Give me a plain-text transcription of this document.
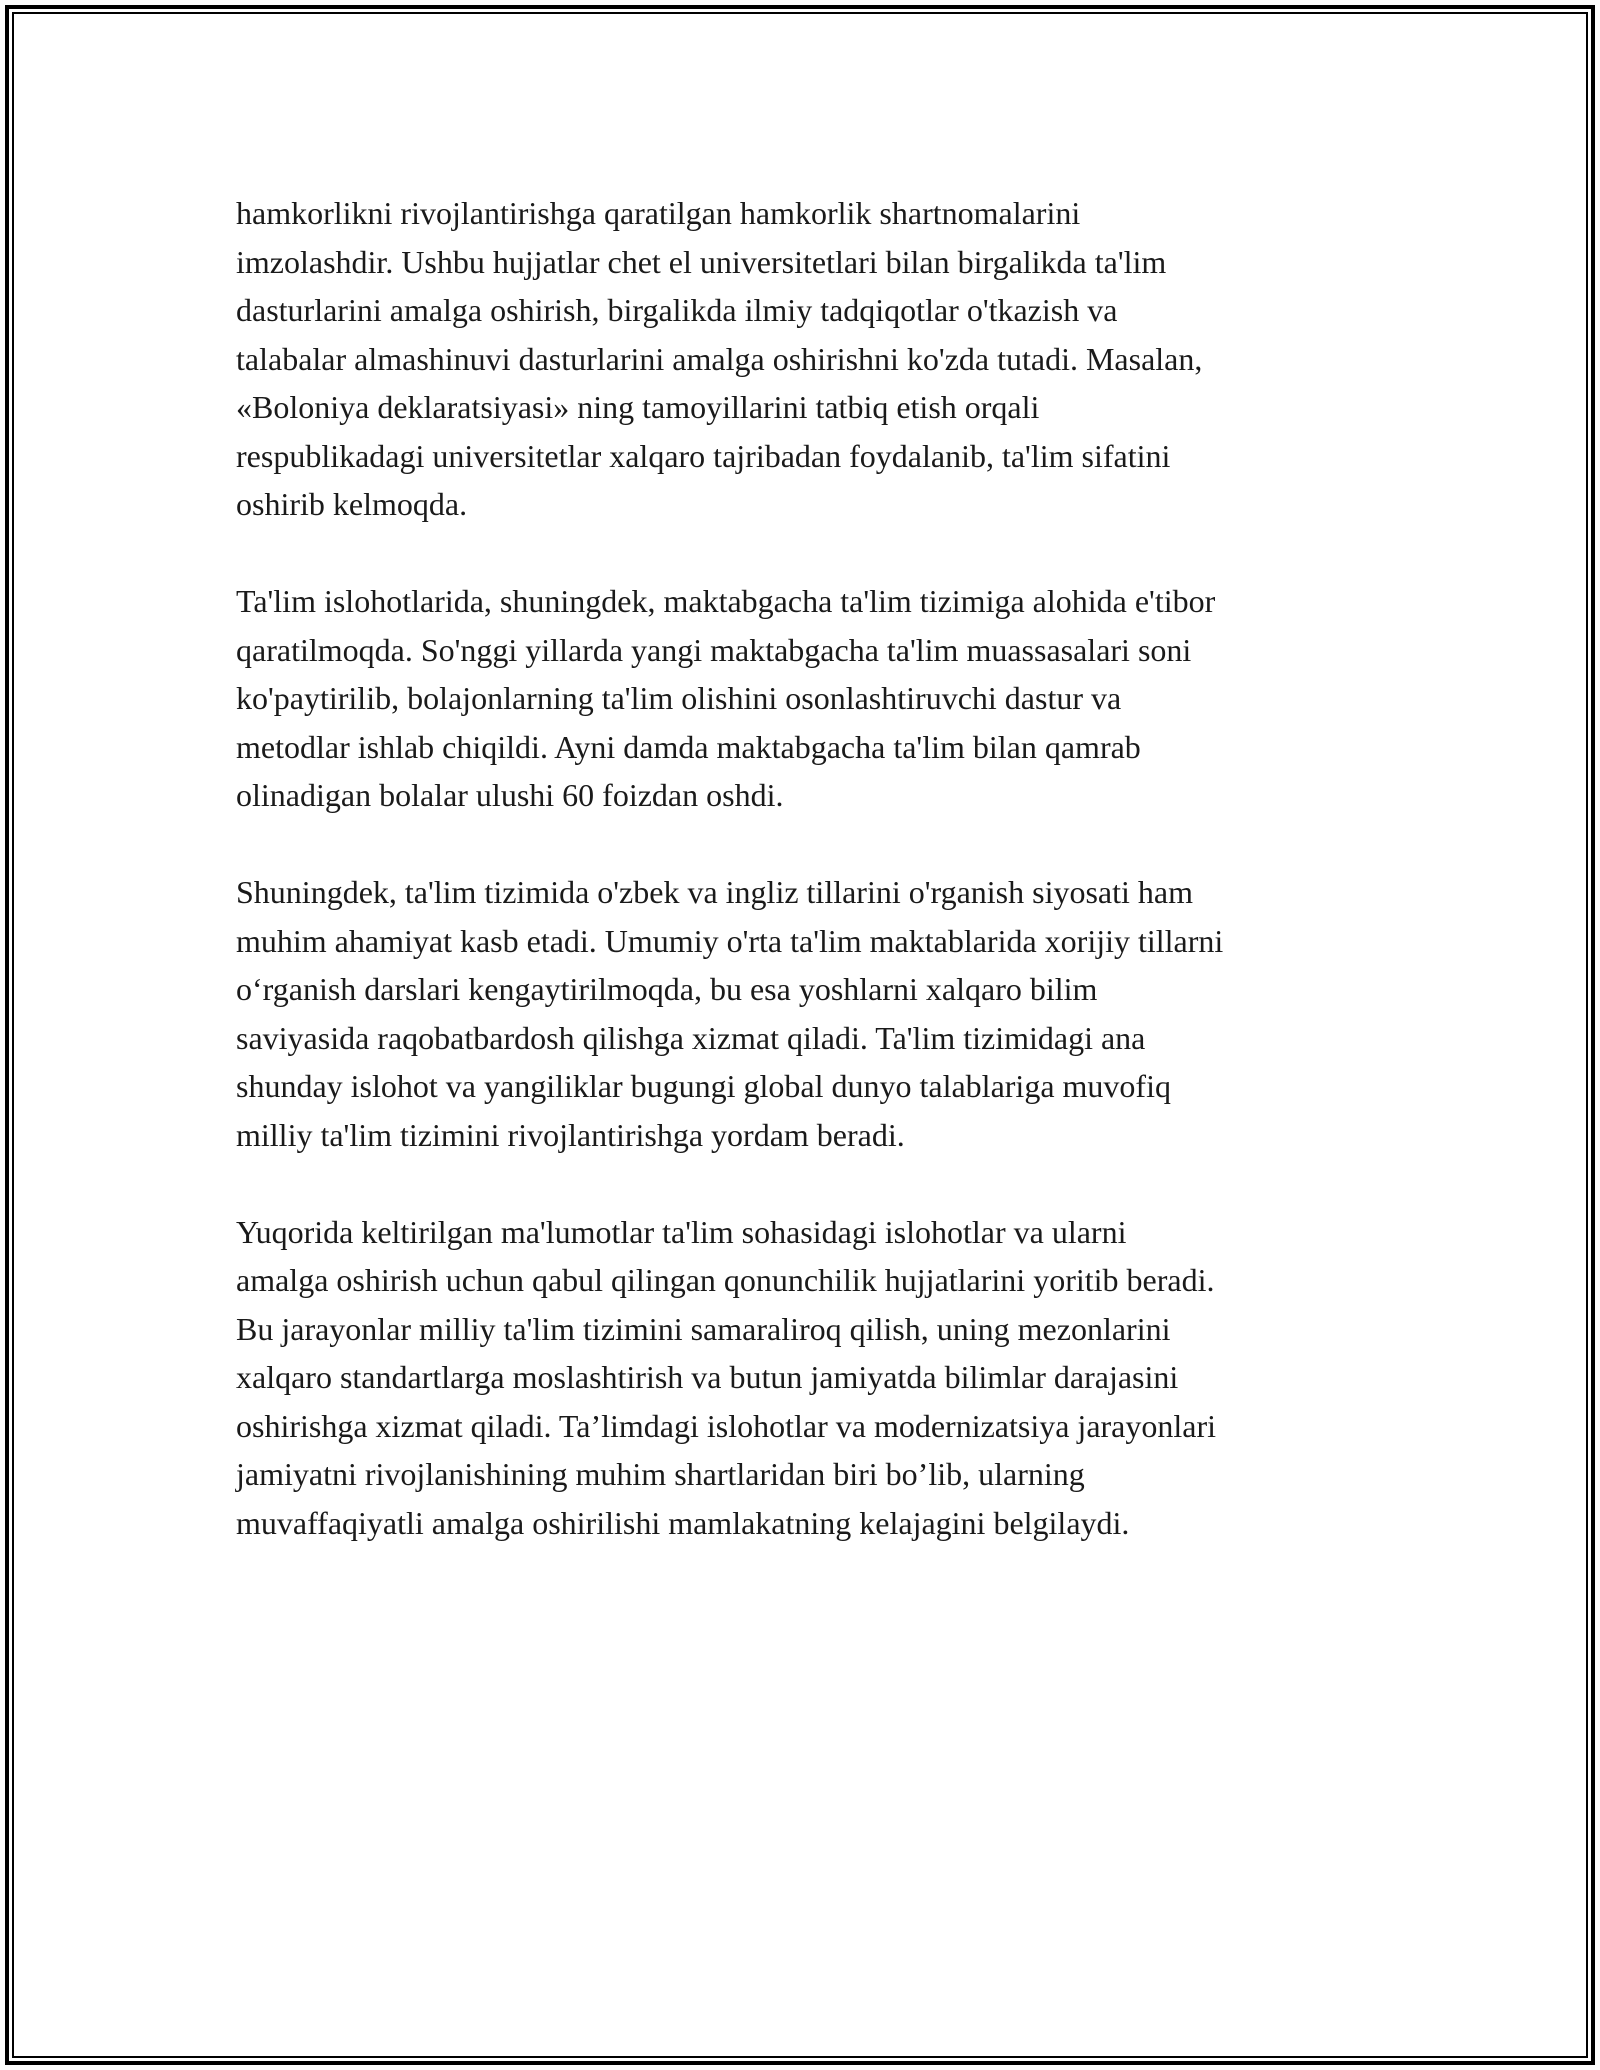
hamkorlikni rivojlantirishga qaratilgan hamkorlik shartnomalarini
imzolashdir. Ushbu hujjatlar chet el universitetlari bilan birgalikda ta'lim
dasturlarini amalga oshirish, birgalikda ilmiy tadqiqotlar o'tkazish va
talabalar almashinuvi dasturlarini amalga oshirishni ko'zda tutadi. Masalan,
«Boloniya deklaratsiyasi» ning tamoyillarini tatbiq etish orqali
respublikadagi universitetlar xalqaro tajribadan foydalanib, ta'lim sifatini
oshirib kelmoqda.

Ta'lim islohotlarida, shuningdek, maktabgacha ta'lim tizimiga alohida e'tibor
qaratilmoqda. So'nggi yillarda yangi maktabgacha ta'lim muassasalari soni
ko'paytirilib, bolajonlarning ta'lim olishini osonlashtiruvchi dastur va
metodlar ishlab chiqildi. Ayni damda maktabgacha ta'lim bilan qamrab
olinadigan bolalar ulushi 60 foizdan oshdi.

Shuningdek, ta'lim tizimida o'zbek va ingliz tillarini o'rganish siyosati ham
muhim ahamiyat kasb etadi. Umumiy o'rta ta'lim maktablarida xorijiy tillarni
o‘rganish darslari kengaytirilmoqda, bu esa yoshlarni xalqaro bilim
saviyasida raqobatbardosh qilishga xizmat qiladi. Ta'lim tizimidagi ana
shunday islohot va yangiliklar bugungi global dunyo talablariga muvofiq
milliy ta'lim tizimini rivojlantirishga yordam beradi.

Yuqorida keltirilgan ma'lumotlar ta'lim sohasidagi islohotlar va ularni
amalga oshirish uchun qabul qilingan qonunchilik hujjatlarini yoritib beradi.
Bu jarayonlar milliy ta'lim tizimini samaraliroq qilish, uning mezonlarini
xalqaro standartlarga moslashtirish va butun jamiyatda bilimlar darajasini
oshirishga xizmat qiladi. Ta’limdagi islohotlar va modernizatsiya jarayonlari
jamiyatni rivojlanishining muhim shartlaridan biri bo’lib, ularning
muvaffaqiyatli amalga oshirilishi mamlakatning kelajagini belgilaydi.
